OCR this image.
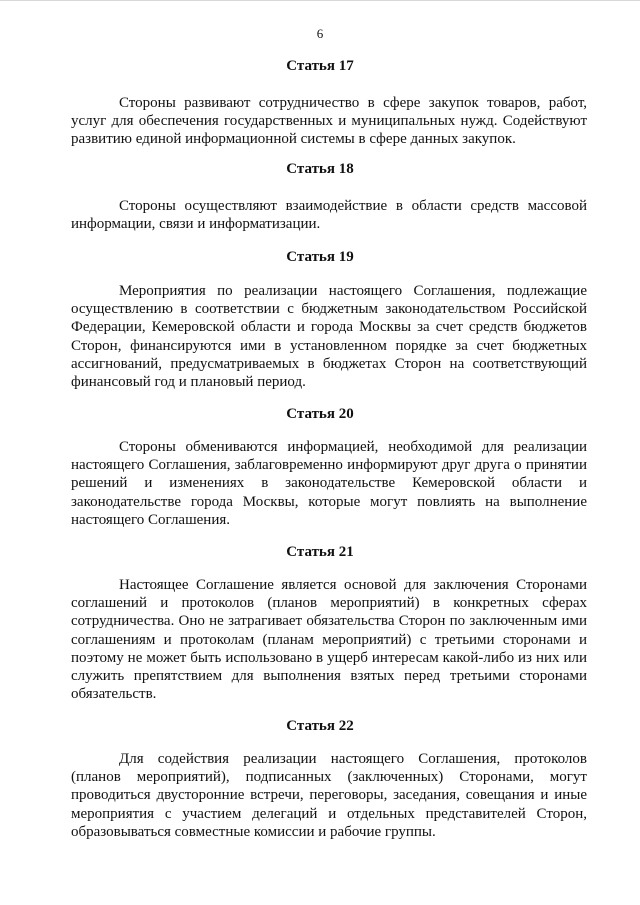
6
Статья 17
Стороны развивают сотрудничество в сфере закупок товаров, работ, услуг для обеспечения государственных и муниципальных нужд. Содействуют развитию единой информационной системы в сфере данных закупок.
Статья 18
Стороны осуществляют взаимодействие в области средств массовой информации, связи и информатизации.
Статья 19
Мероприятия по реализации настоящего Соглашения, подлежащие осуществлению в соответствии с бюджетным законодательством Российской Федерации, Кемеровской области и города Москвы за счет средств бюджетов Сторон, финансируются ими в установленном порядке за счет бюджетных ассигнований, предусматриваемых в бюджетах Сторон на соответствующий финансовый год и плановый период.
Статья 20
Стороны обмениваются информацией, необходимой для реализации настоящего Соглашения, заблаговременно информируют друг друга о принятии решений и изменениях в законодательстве Кемеровской области и законодательстве города Москвы, которые могут повлиять на выполнение настоящего Соглашения.
Статья 21
Настоящее Соглашение является основой для заключения Сторонами соглашений и протоколов (планов мероприятий) в конкретных сферах сотрудничества. Оно не затрагивает обязательства Сторон по заключенным ими соглашениям и протоколам (планам мероприятий) с третьими сторонами и поэтому не может быть использовано в ущерб интересам какой-либо из них или служить препятствием для выполнения взятых перед третьими сторонами обязательств.
Статья 22
Для содействия реализации настоящего Соглашения, протоколов (планов мероприятий), подписанных (заключенных) Сторонами, могут проводиться двусторонние встречи, переговоры, заседания, совещания и иные мероприятия с участием делегаций и отдельных представителей Сторон, образовываться совместные комиссии и рабочие группы.
